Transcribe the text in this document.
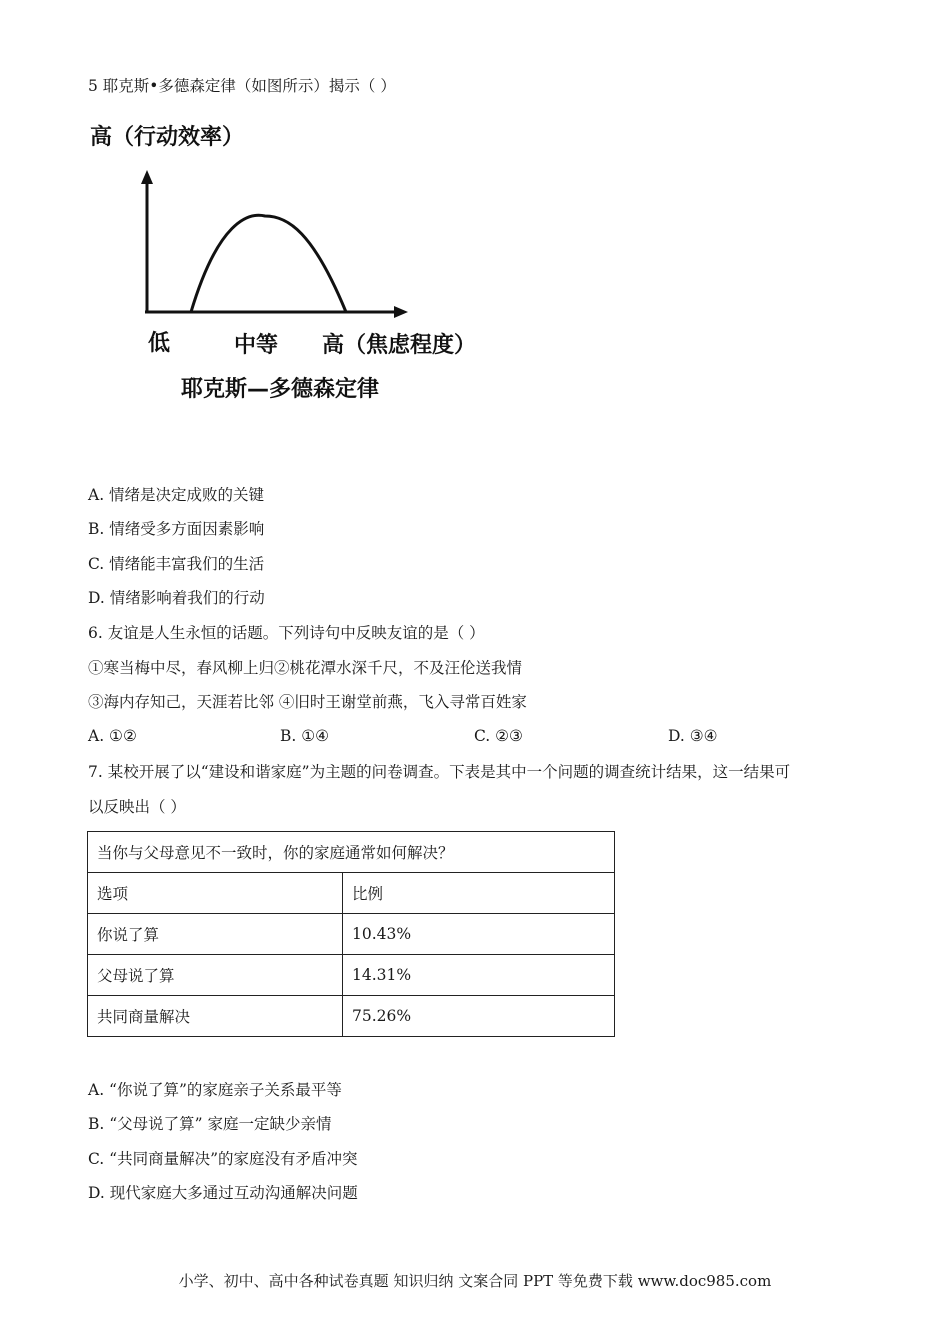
5 耶克斯•多德森定律（如图所示）揭示（ ）
高（行动效率）
低	中等 高（焦虑程度）
耶克斯—多德森定律
A. 情绪是决定成败的关键
B. 情绪受多方面因素影响
C. 情绪能丰富我们的生活
D. 情绪影响着我们的行动
6. 友谊是人生永恒的话题。下列诗句中反映友谊的是（ ）
①寒当梅中尽，春风柳上归②桃花潭水深千尺，不及汪伦送我情
③海内存知己，天涯若比邻 ④旧时王谢堂前燕，飞入寻常百姓家
A. ①②	B. ①④	C. ②③	D. ③④
7. 某校开展了以“建设和谐家庭”为主题的问卷调查。下表是其中一个问题的调查统计结果，这一结果可
以反映出（ ）
当你与父母意见不一致时，你的家庭通常如何解决？	
选项	比例
你说了算	10.43%
父母说了算	14.31%
共同商量解决	75.26%
A. “你说了算”的家庭亲子关系最平等
B. “父母说了算” 家庭一定缺少亲情
C. “共同商量解决”的家庭没有矛盾冲突
D. 现代家庭大多通过互动沟通解决问题
小学、初中、高中各种试卷真题 知识归纳 文案合同 PPT 等免费下载 www.doc985.com
